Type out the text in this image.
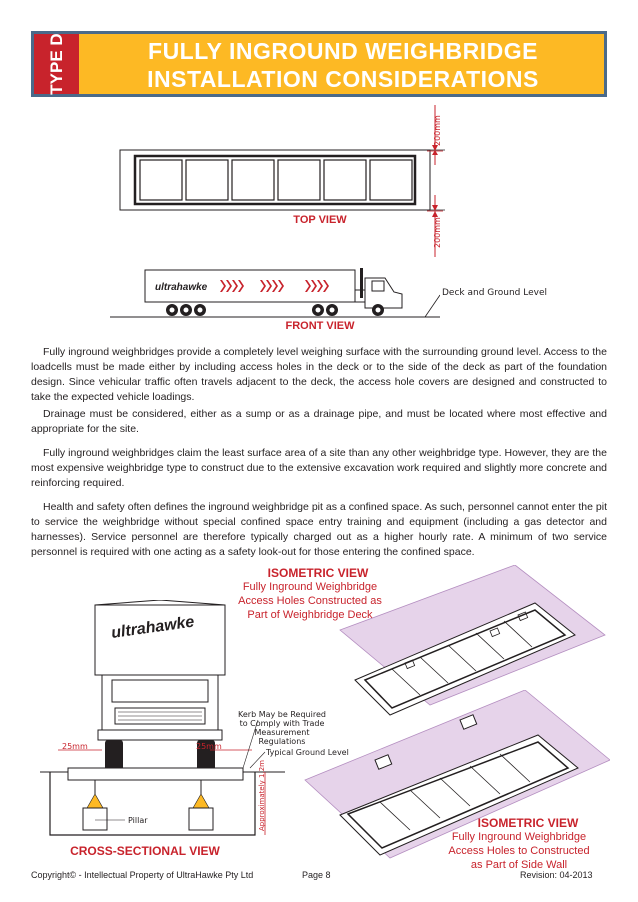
TYPE D	FULLY INGROUND WEIGHBRIDGE
INSTALLATION CONSIDERATIONS
200mm
200mm
TOP VIEW
ultrahawke	Deck and Ground Level
FRONT VIEW

Fully inground weighbridges provide a completely level weighing surface with the surrounding ground level. Access to the loadcells must be made either by including access holes in the deck or to the side of the deck as part of the foundation design. Since vehicular traffic often travels adjacent to the deck, the access hole covers are designed and constructed to take the expected vehicle loadings.

Drainage must be considered, either as a sump or as a drainage pipe, and must be located where most effective and appropriate for the site.

Fully inground weighbridges claim the least surface area of a site than any other weighbridge type. However, they are the most expensive weighbridge type to construct due to the extensive excavation work required and slightly more concrete and reinforcing required.

Health and safety often defines the inground weighbridge pit as a confined space. As such, personnel cannot enter the pit to service the weighbridge without special confined space entry training and equipment (including a gas detector and harnesses). Service personnel are therefore typically charged out as a higher hourly rate. A minimum of two service personnel is required with one acting as a safety look-out for those entering the confined space.

ISOMETRIC VIEW
Fully Inground Weighbridge
Access Holes Constructed as
Part of Weighbridge Deck
ultrahawke
25mm	25mm
Kerb May be Required to Comply with Trade Measurement Regulations
Typical Ground Level
Approximately 1.2m
Pillar
CROSS-SECTIONAL VIEW
ISOMETRIC VIEW
Fully Inground Weighbridge
Access Holes to Constructed
as Part of Side Wall
Copyright© - Intellectual Property of UltraHawke Pty Ltd	Page 8	Revision: 04-2013
